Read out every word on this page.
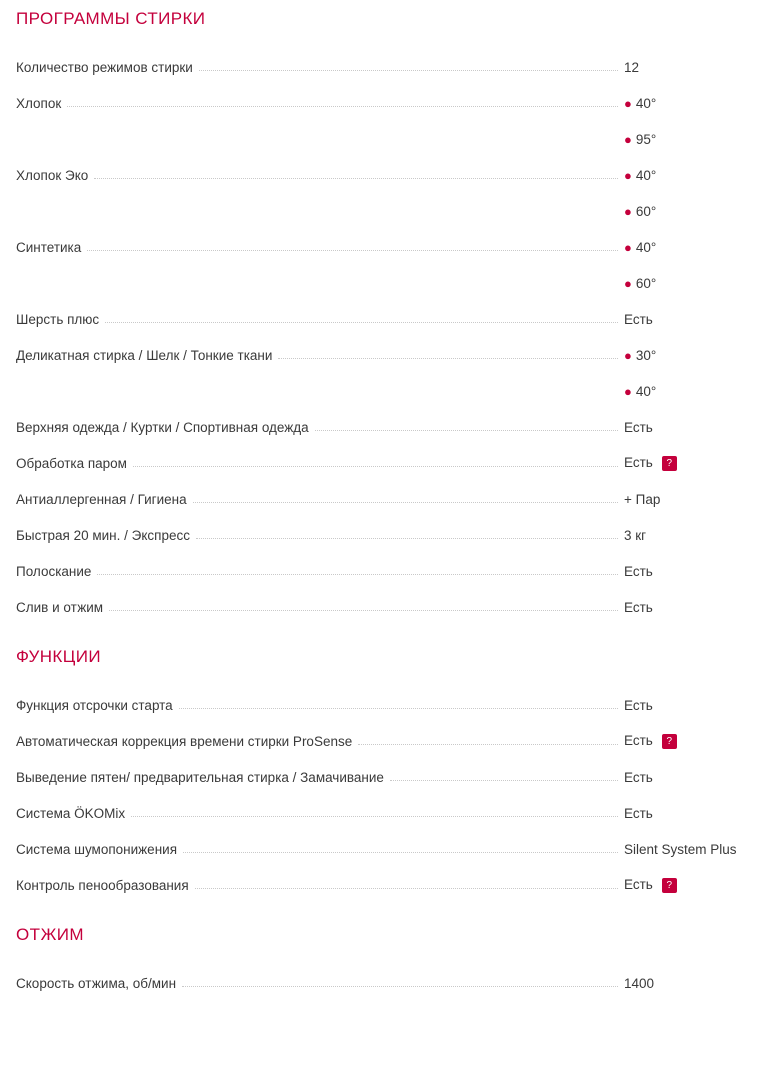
ПРОГРАММЫ СТИРКИ
Количество режимов стирки	12
Хлопок	● 40°
● 95°
Хлопок Эко	● 40°
● 60°
Синтетика	● 40°
● 60°
Шерсть плюс	Есть
Деликатная стирка / Шелк / Тонкие ткани	● 30°
● 40°
Верхняя одежда / Куртки / Спортивная одежда	Есть
Обработка паром	Есть ?
Антиаллергенная / Гигиена	+ Пар
Быстрая 20 мин. / Экспресс	3 кг
Полоскание	Есть
Слив и отжим	Есть
ФУНКЦИИ
Функция отсрочки старта	Есть
Автоматическая коррекция времени стирки ProSense	Есть ?
Выведение пятен/ предварительная стирка / Замачивание	Есть
Система ÖKOMix	Есть
Система шумопонижения	Silent System Plus
Контроль пенообразования	Есть ?
ОТЖИМ
Скорость отжима, об/мин	1400
